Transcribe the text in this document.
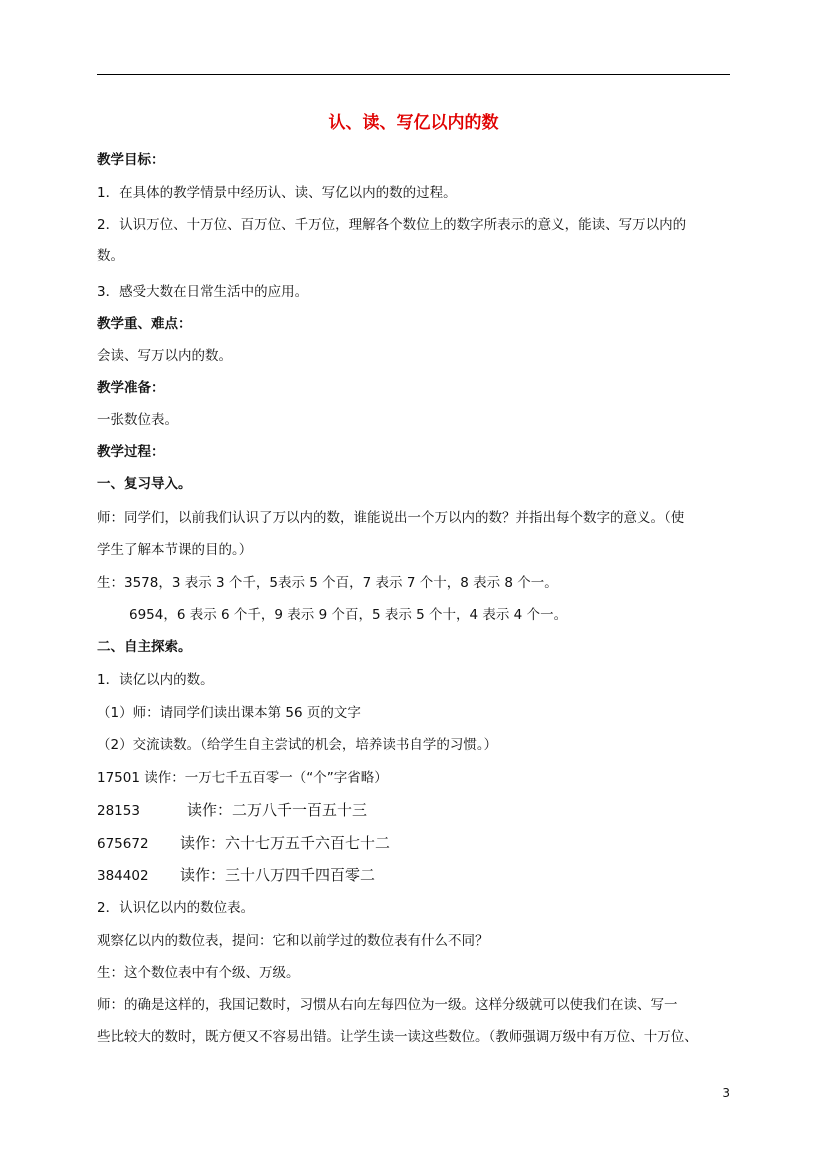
认、读、写亿以内的数
教学目标：
1．在具体的教学情景中经历认、读、写亿以内的数的过程。
2．认识万位、十万位、百万位、千万位，理解各个数位上的数字所表示的意义，能读、写万以内的
数。
3．感受大数在日常生活中的应用。
教学重、难点：
会读、写万以内的数。
教学准备：
一张数位表。
教学过程：
一、复习导入。
师：同学们，以前我们认识了万以内的数，谁能说出一个万以内的数？并指出每个数字的意义。（使
学生了解本节课的目的。）
生：3578，3 表示 3 个千，5表示 5 个百，7 表示 7 个十，8 表示 8 个一。
6954，6 表示 6 个千，9 表示 9 个百，5 表示 5 个十，4 表示 4 个一。
二、自主探索。
1．读亿以内的数。
（1）师：请同学们读出课本第 56 页的文字
（2）交流读数。（给学生自主尝试的机会，培养读书自学的习惯。）
17501 读作：一万七千五百零一（“个”字省略）
28153	读作：二万八千一百五十三
675672 读作：六十七万五千六百七十二
384402 读作：三十八万四千四百零二
2．认识亿以内的数位表。
观察亿以内的数位表，提问：它和以前学过的数位表有什么不同？
生：这个数位表中有个级、万级。
师：的确是这样的，我国记数时，习惯从右向左每四位为一级。这样分级就可以使我们在读、写一
些比较大的数时，既方便又不容易出错。让学生读一读这些数位。（教师强调万级中有万位、十万位、
3
